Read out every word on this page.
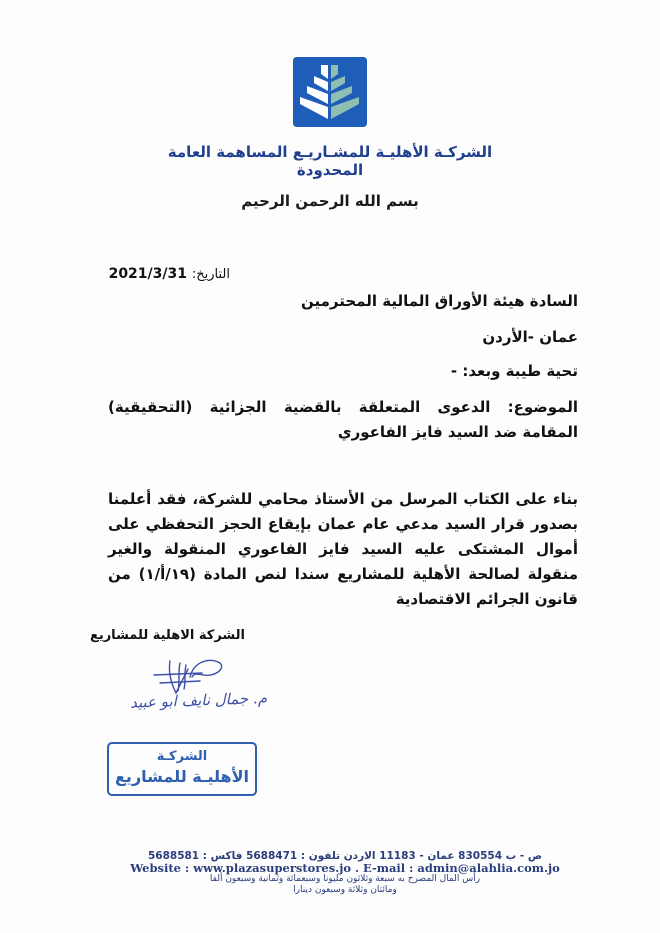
الشركـة الأهليـة للمشـاريـع المساهمة العامة المحدودة
بسم الله الرحمن الرحيم
التاريخ: 2021/3/31
السادة هيئة الأوراق المالية المحترمين
عمان -الأردن
تحية طيبة وبعد: -
الموضوع: الدعوى المتعلقة بالقضية الجزائية (التحقيقية) المقامة ضد السيد فايز الفاعوري
بناء على الكتاب المرسل من الأستاذ محامي للشركة، فقد أعلمنا بصدور قرار السيد مدعي عام عمان بإيقاع الحجز التحفظي على أموال المشتكى عليه السيد فايز الفاعوري المنقولة والغير منقولة لصالحة الأهلية للمشاريع سندا لنص المادة (١٩/أ/١) من قانون الجرائم الاقتصادية
الشركة الاهلية للمشاريع
م. جمال نايف ابو عبيد
الشركـة
الأهليـة للمشاريع
ص - ب 830554 عمان - 11183 الاردن تلفون : 5688471 فاكس : 5688581
Website : www.plazasuperstores.jo . E-mail : admin@alahlia.com.jo
رأس المال المصرح به سبعة وثلاثون مليونا وسبعمائة وثمانية وسبعون ألفا
ومائتان وثلاثة وسبعون دينارا
